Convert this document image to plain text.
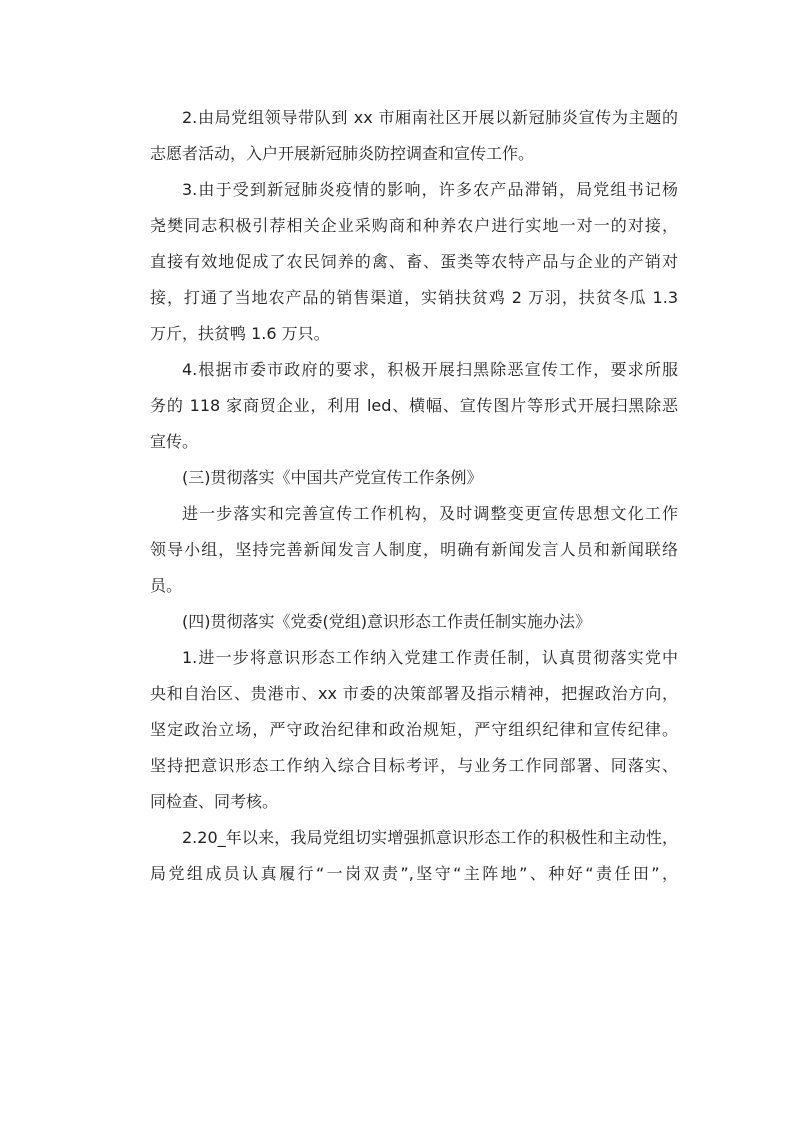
2.由局党组领导带队到 xx 市厢南社区开展以新冠肺炎宣传为主题的
志愿者活动，入户开展新冠肺炎防控调查和宣传工作。
3.由于受到新冠肺炎疫情的影响，许多农产品滞销，局党组书记杨
尧樊同志积极引荐相关企业采购商和种养农户进行实地一对一的对接，
直接有效地促成了农民饲养的禽、畜、蛋类等农特产品与企业的产销对
接，打通了当地农产品的销售渠道，实销扶贫鸡 2 万羽，扶贫冬瓜 1.3
万斤，扶贫鸭 1.6 万只。
4.根据市委市政府的要求，积极开展扫黑除恶宣传工作，要求所服
务的 118 家商贸企业，利用 led、横幅、宣传图片等形式开展扫黑除恶
宣传。
(三)贯彻落实《中国共产党宣传工作条例》
进一步落实和完善宣传工作机构，及时调整变更宣传思想文化工作
领导小组，坚持完善新闻发言人制度，明确有新闻发言人员和新闻联络
员。
(四)贯彻落实《党委(党组)意识形态工作责任制实施办法》
1.进一步将意识形态工作纳入党建工作责任制，认真贯彻落实党中
央和自治区、贵港市、xx 市委的决策部署及指示精神，把握政治方向，
坚定政治立场，严守政治纪律和政治规矩，严守组织纪律和宣传纪律。
坚持把意识形态工作纳入综合目标考评，与业务工作同部署、同落实、
同检查、同考核。
2.20_年以来，我局党组切实增强抓意识形态工作的积极性和主动性，
局党组成员认真履行“一岗双责”,坚守“主阵地”、种好“责任田”，
